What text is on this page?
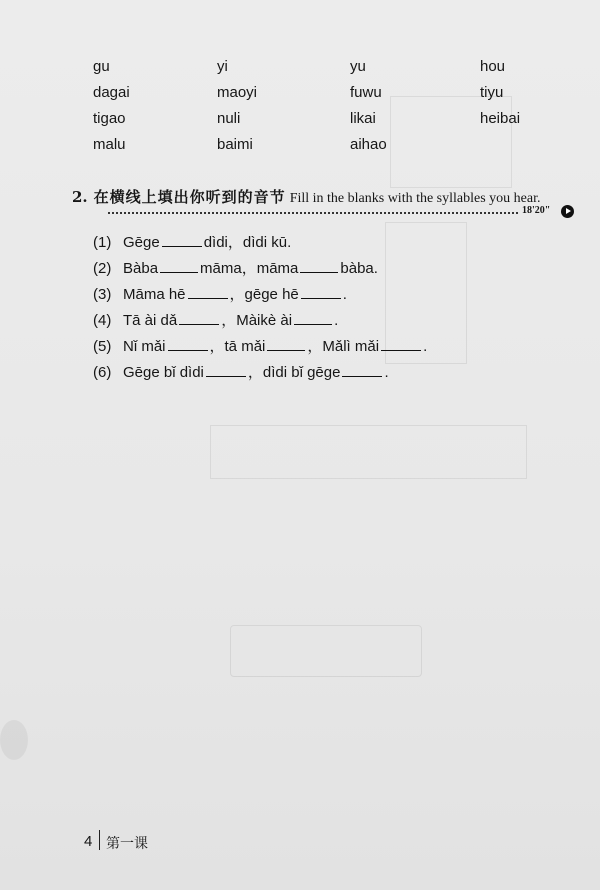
gu	yi	yu	hou
dagai	maoyi	fuwu	tiyu
tigao	nuli	likai	heibai
malu	baimi	aihao
2. 在横线上填出你听到的音节 Fill in the blanks with the syllables you hear.
18'20"
(1) Gēge	dìdi，dìdi kū.
(2) Bàba	māma，māma	bàba.
(3) Māma hē	，gēge hē	.
(4) Tā ài dǎ	，Màikè ài	.
(5) Nǐ mǎi	，tā mǎi	，Mǎlì mǎi	.
(6) Gēge bǐ dìdi	，dìdi bǐ gēge	.
4 第一课
